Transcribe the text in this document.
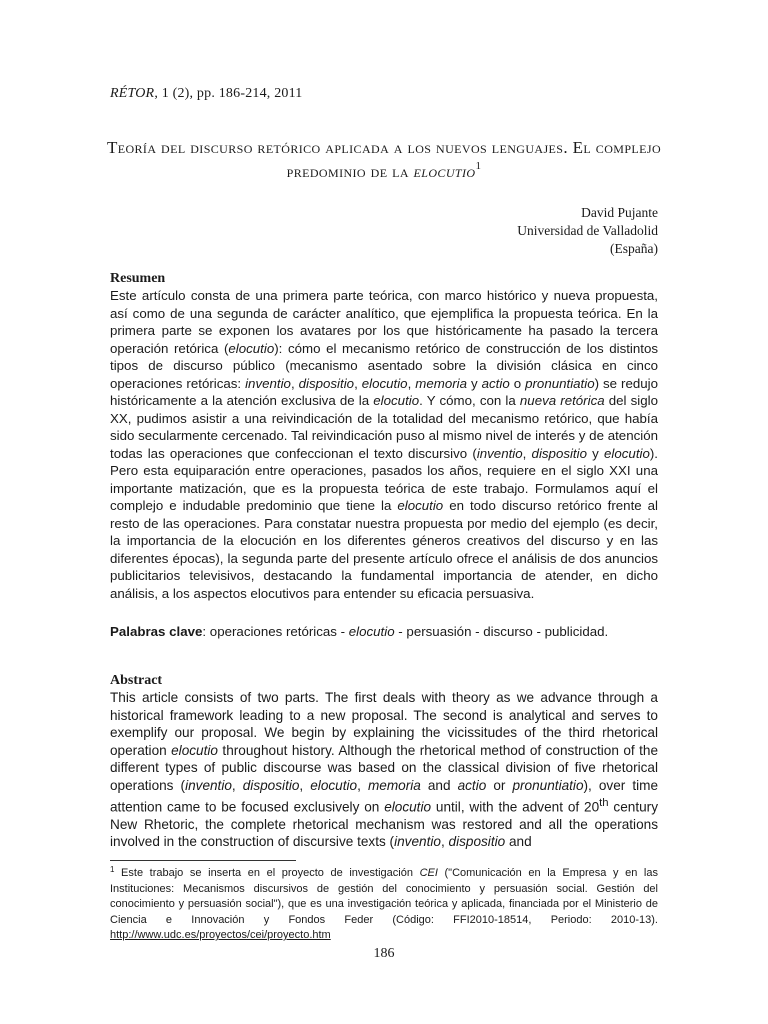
RÉTOR, 1 (2), pp. 186-214, 2011
Teoría del discurso retórico aplicada a los nuevos lenguajes. El complejo predominio de la elocutio$^1$
David Pujante
Universidad de Valladolid
(España)
Resumen
Este artículo consta de una primera parte teórica, con marco histórico y nueva propuesta, así como de una segunda de carácter analítico, que ejemplifica la propuesta teórica. En la primera parte se exponen los avatares por los que históricamente ha pasado la tercera operación retórica (elocutio): cómo el mecanismo retórico de construcción de los distintos tipos de discurso público (mecanismo asentado sobre la división clásica en cinco operaciones retóricas: inventio, dispositio, elocutio, memoria y actio o pronuntiatio) se redujo históricamente a la atención exclusiva de la elocutio. Y cómo, con la nueva retórica del siglo XX, pudimos asistir a una reivindicación de la totalidad del mecanismo retórico, que había sido secularmente cercenado. Tal reivindicación puso al mismo nivel de interés y de atención todas las operaciones que confeccionan el texto discursivo (inventio, dispositio y elocutio). Pero esta equiparación entre operaciones, pasados los años, requiere en el siglo XXI una importante matización, que es la propuesta teórica de este trabajo. Formulamos aquí el complejo e indudable predominio que tiene la elocutio en todo discurso retórico frente al resto de las operaciones. Para constatar nuestra propuesta por medio del ejemplo (es decir, la importancia de la elocución en los diferentes géneros creativos del discurso y en las diferentes épocas), la segunda parte del presente artículo ofrece el análisis de dos anuncios publicitarios televisivos, destacando la fundamental importancia de atender, en dicho análisis, a los aspectos elocutivos para entender su eficacia persuasiva.
Palabras clave: operaciones retóricas - elocutio - persuasión - discurso - publicidad.
Abstract
This article consists of two parts. The first deals with theory as we advance through a historical framework leading to a new proposal. The second is analytical and serves to exemplify our proposal. We begin by explaining the vicissitudes of the third rhetorical operation elocutio throughout history. Although the rhetorical method of construction of the different types of public discourse was based on the classical division of five rhetorical operations (inventio, dispositio, elocutio, memoria and actio or pronuntiatio), over time attention came to be focused exclusively on elocutio until, with the advent of 20th century New Rhetoric, the complete rhetorical mechanism was restored and all the operations involved in the construction of discursive texts (inventio, dispositio and
$^1$ Este trabajo se inserta en el proyecto de investigación CEI ("Comunicación en la Empresa y en las Instituciones: Mecanismos discursivos de gestión del conocimiento y persuasión social. Gestión del conocimiento y persuasión social"), que es una investigación teórica y aplicada, financiada por el Ministerio de Ciencia e Innovación y Fondos Feder (Código: FFI2010-18514, Periodo: 2010-13). http://www.udc.es/proyectos/cei/proyecto.htm
186
